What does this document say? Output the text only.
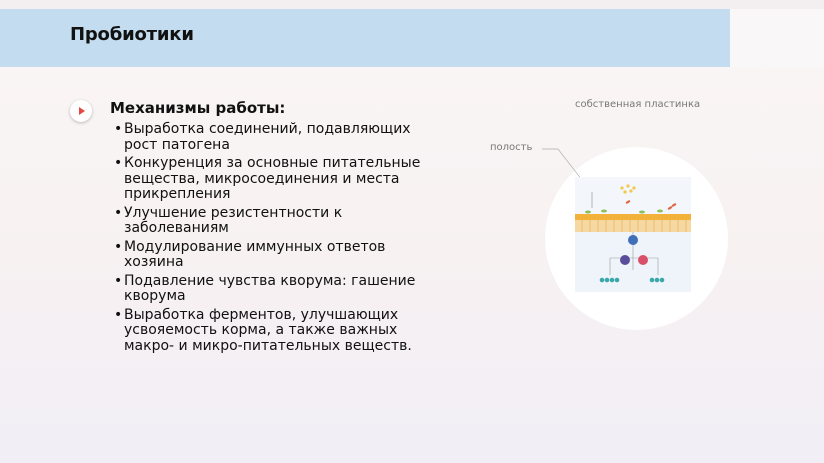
Пробиотики
Механизмы работы:
• Выработка соединений, подавляющих рост патогена
• Конкуренция за основные питательные вещества, микросоединения и места прикрепления
• Улучшение резистентности к заболеваниям
• Модулирование иммунных ответов хозяина
• Подавление чувства кворума: гашение кворума
• Выработка ферментов, улучшающих усвояемость корма, а также важных макро- и микро-питательных веществ.
собственная пластинка
полость
